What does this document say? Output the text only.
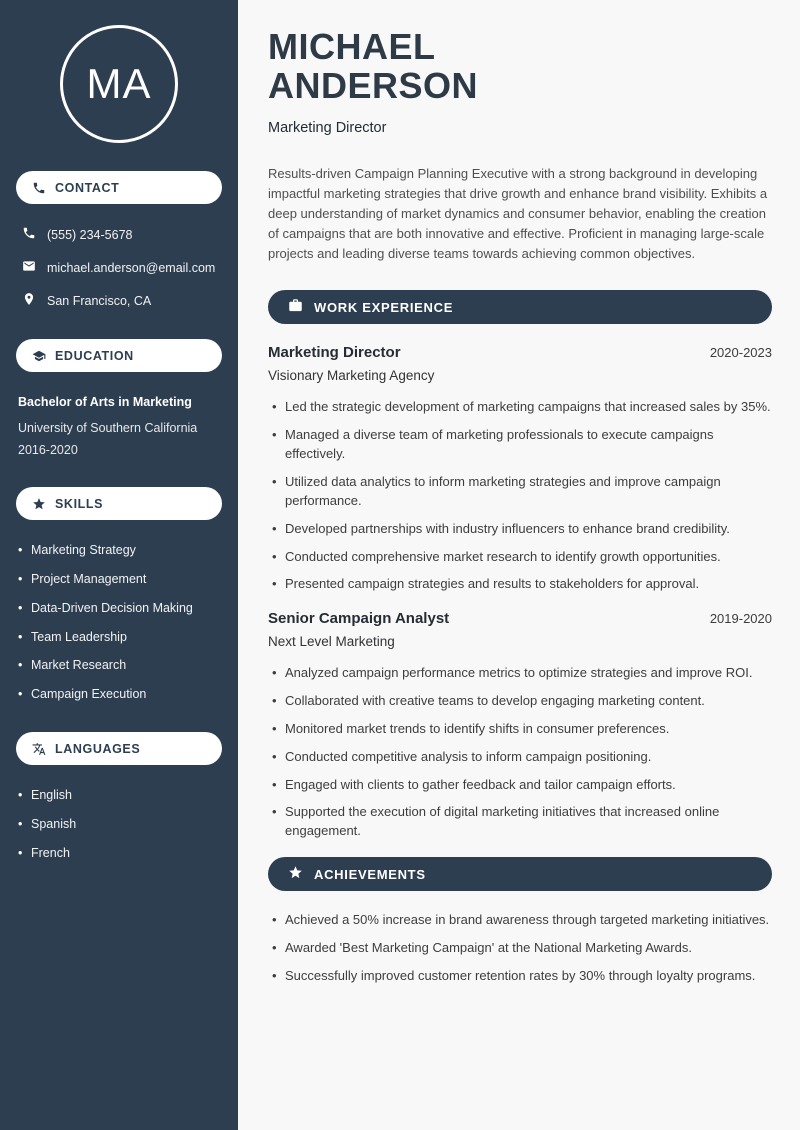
MA
CONTACT
(555) 234-5678
michael.anderson@email.com
San Francisco, CA
EDUCATION
Bachelor of Arts in Marketing
University of Southern California
2016-2020
SKILLS
• Marketing Strategy
• Project Management
• Data-Driven Decision Making
• Team Leadership
• Market Research
• Campaign Execution
LANGUAGES
• English
• Spanish
• French
MICHAEL
ANDERSON
Marketing Director

Results-driven Campaign Planning Executive with a strong background in developing impactful marketing strategies that drive growth and enhance brand visibility. Exhibits a deep understanding of market dynamics and consumer behavior, enabling the creation of campaigns that are both innovative and effective. Proficient in managing large-scale projects and leading diverse teams towards achieving common objectives.

WORK EXPERIENCE
Marketing Director	2020-2023
Visionary Marketing Agency
• Led the strategic development of marketing campaigns that increased sales by 35%.
• Managed a diverse team of marketing professionals to execute campaigns effectively.
• Utilized data analytics to inform marketing strategies and improve campaign performance.
• Developed partnerships with industry influencers to enhance brand credibility.
• Conducted comprehensive market research to identify growth opportunities.
• Presented campaign strategies and results to stakeholders for approval.
Senior Campaign Analyst	2019-2020
Next Level Marketing
• Analyzed campaign performance metrics to optimize strategies and improve ROI.
• Collaborated with creative teams to develop engaging marketing content.
• Monitored market trends to identify shifts in consumer preferences.
• Conducted competitive analysis to inform campaign positioning.
• Engaged with clients to gather feedback and tailor campaign efforts.
• Supported the execution of digital marketing initiatives that increased online engagement.
ACHIEVEMENTS
• Achieved a 50% increase in brand awareness through targeted marketing initiatives.
• Awarded 'Best Marketing Campaign' at the National Marketing Awards.
• Successfully improved customer retention rates by 30% through loyalty programs.
